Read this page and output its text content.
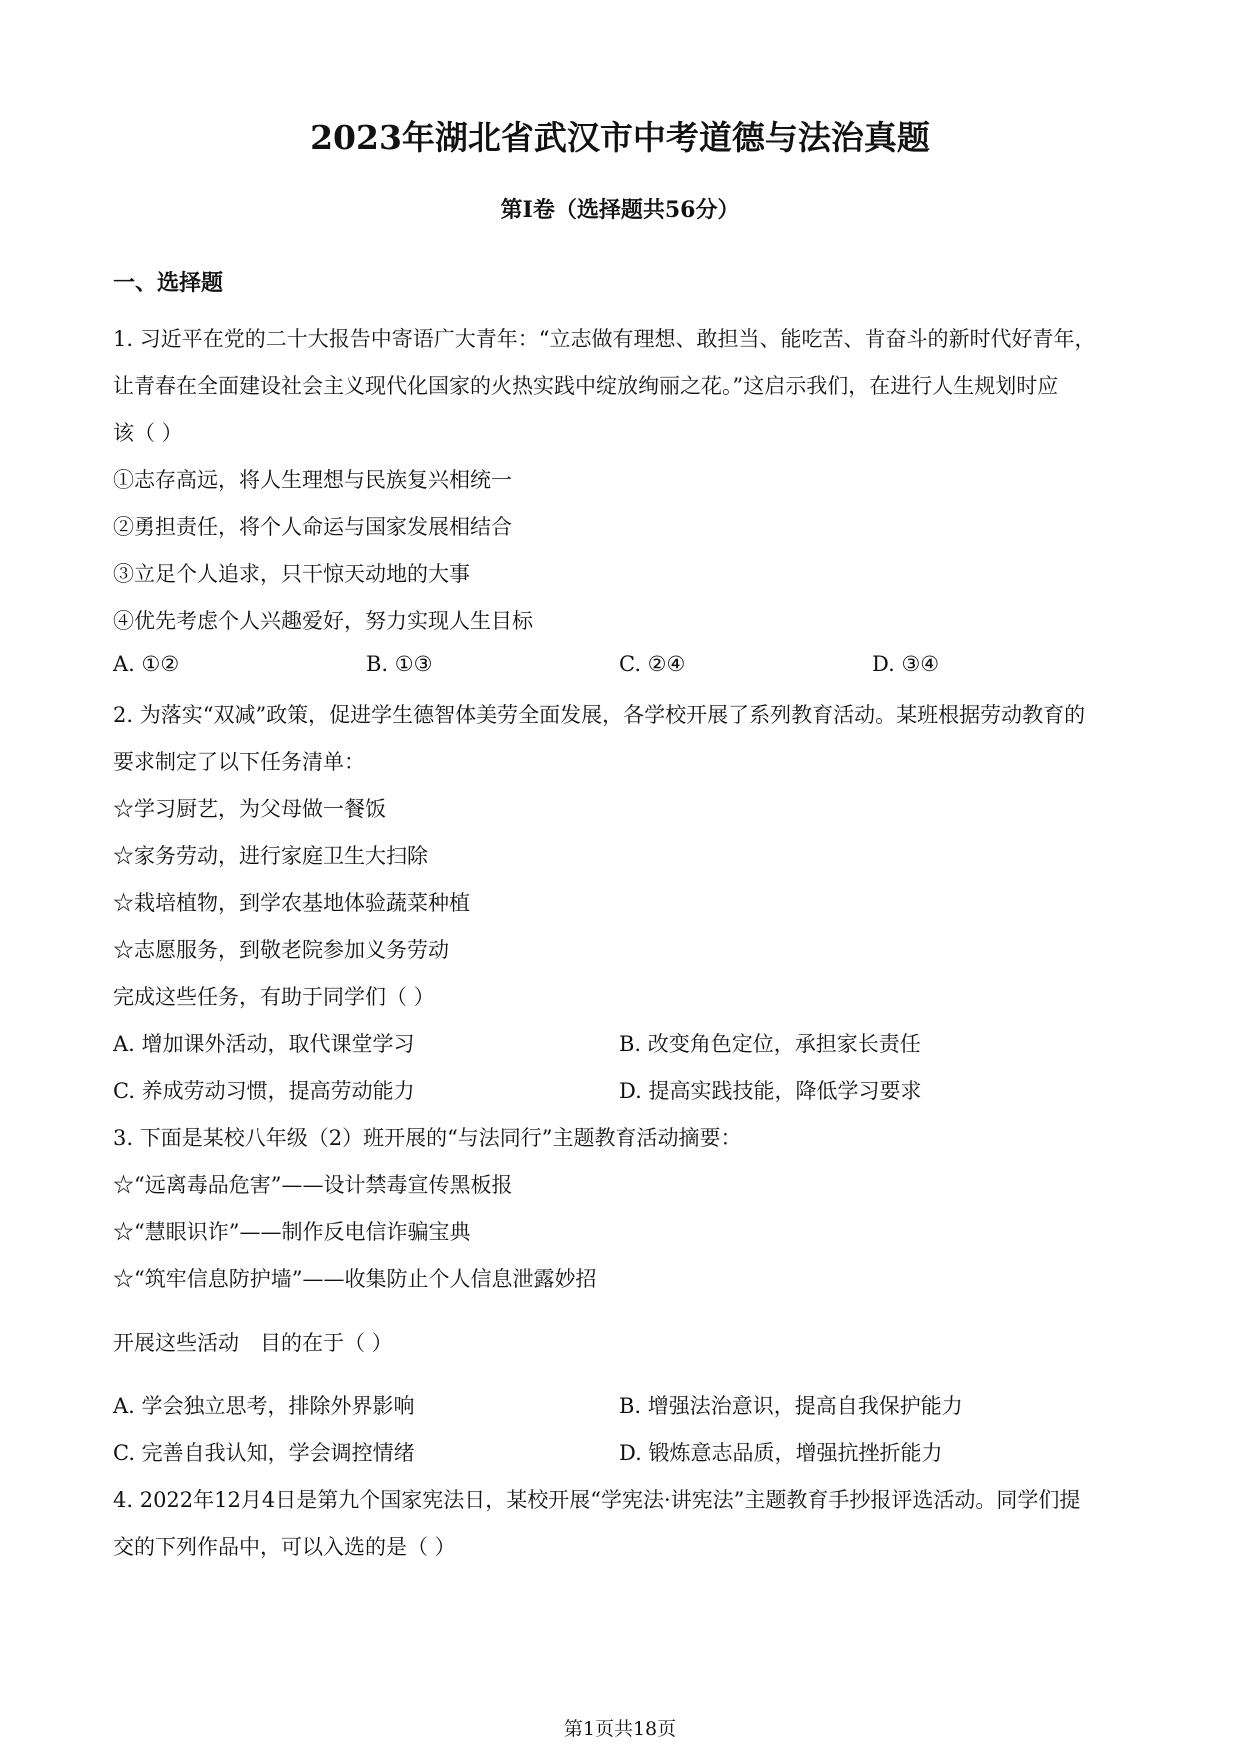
2023年湖北省武汉市中考道德与法治真题
第I卷（选择题共56分）
一、选择题
1. 习近平在党的二十大报告中寄语广大青年：“立志做有理想、敢担当、能吃苦、肯奋斗的新时代好青年，
让青春在全面建设社会主义现代化国家的火热实践中绽放绚丽之花。”这启示我们，在进行人生规划时应
该（ ）
①志存高远，将人生理想与民族复兴相统一
②勇担责任，将个人命运与国家发展相结合
③立足个人追求，只干惊天动地的大事
④优先考虑个人兴趣爱好，努力实现人生目标
A. ①②	B. ①③	C. ②④	D. ③④
2. 为落实“双减”政策，促进学生德智体美劳全面发展，各学校开展了系列教育活动。某班根据劳动教育的
要求制定了以下任务清单：
☆学习厨艺，为父母做一餐饭
☆家务劳动，进行家庭卫生大扫除
☆栽培植物，到学农基地体验蔬菜种植
☆志愿服务，到敬老院参加义务劳动
完成这些任务，有助于同学们（ ）
A. 增加课外活动，取代课堂学习	B. 改变角色定位，承担家长责任
C. 养成劳动习惯，提高劳动能力	D. 提高实践技能，降低学习要求
3. 下面是某校八年级（2）班开展的“与法同行”主题教育活动摘要：
☆“远离毒品危害”——设计禁毒宣传黑板报
☆“慧眼识诈”——制作反电信诈骗宝典
☆“筑牢信息防护墙”——收集防止个人信息泄露妙招
开展这些活动　目的在于（ ）
A. 学会独立思考，排除外界影响	B. 增强法治意识，提高自我保护能力
C. 完善自我认知，学会调控情绪	D. 锻炼意志品质，增强抗挫折能力
4. 2022年12月4日是第九个国家宪法日，某校开展“学宪法·讲宪法”主题教育手抄报评选活动。同学们提
交的下列作品中，可以入选的是（ ）
第1页共18页
